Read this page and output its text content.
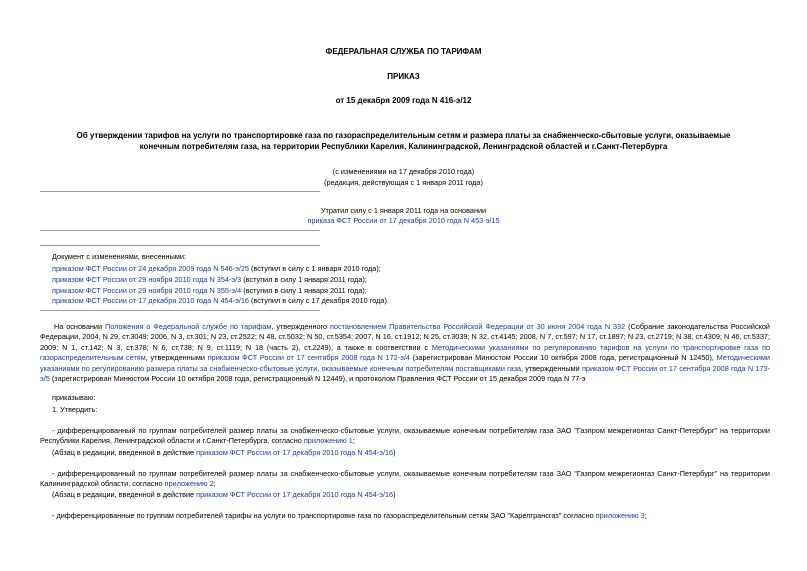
ФЕДЕРАЛЬНАЯ СЛУЖБА ПО ТАРИФАМ
ПРИКАЗ
от 15 декабря 2009 года N 416-э/12
Об утверждении тарифов на услуги по транспортировке газа по газораспределительным сетям и размера платы за снабженческо-сбытовые услуги, оказываемые
конечным потребителям газа, на территории Республики Карелия, Калининградской, Ленинградской областей и г.Санкт-Петербурга
(с изменениями на 17 декабря 2010 года)
(редакция, действующая с 1 января 2011 года)
Утратил силу с 1 января 2011 года на основании
приказа ФСТ России от 17 декабря 2010 года N 453-э/15
Документ с изменениями, внесенными:
приказом ФСТ России от 24 декабря 2009 года N 546-э/25 (вступил в силу с 1 января 2010 года);
приказом ФСТ России от 29 ноября 2010 года N 354-э/3 (вступил в силу 1 января 2011 года);
приказом ФСТ России от 29 ноября 2010 года N 355-э/4 (вступил в силу 1 января 2011 года);
приказом ФСТ России от 17 декабря 2010 года N 454-э/16 (вступил в силу с 17 декабря 2010 года).
На основании Положения о Федеральной службе по тарифам, утвержденного постановлением Правительства Российской Федерации от 30 июня 2004 года N 332 (Собрание законодательства Российской Федерации, 2004, N 29, ст.3049; 2006, N 3, ст.301; N 23, ст.2522; N 48, ст.5032; N 50, ст.5354; 2007, N 16, ст.1912; N 25, ст.3039; N 32, ст.4145; 2008, N 7, ст.597; N 17, ст.1897; N 23, ст.2719; N 38, ст.4309; N 46, ст.5337; 2009; N 1, ст.142; N 3, ст.378; N 6, ст.738; N 9, ст.1119; N 18 (часть 2), ст.2249), а также в соответствии с Методическими указаниями по регулированию тарифов на услуги по транспортировке газа по газораспределительным сетям, утвержденными приказом ФСТ России от 17 сентября 2008 года N 172-э/4 (зарегистрирован Минюстом России 10 октября 2008 года, регистрационный N 12450), Методическими указаниями по регулированию размера платы за снабженческо-сбытовые услуги, оказываемые конечным потребителям поставщиками газа, утвержденными приказом ФСТ России от 17 сентября 2008 года N 173-э/5 (зарегистрирован Минюстом России 10 октября 2008 года, регистрационный N 12449), и протоколом Правления ФСТ России от 15 декабря 2009 года N 77-э
приказываю:
1. Утвердить:
- дифференцированный по группам потребителей размер платы за снабженческо-сбытовые услуги, оказываемые конечным потребителям газа ЗАО "Газпром межрегионгаз Санкт-Петербург" на территории Республики Карелия, Ленинградской области и г.Санкт-Петербурга, согласно приложению 1;
(Абзац в редакции, введенной в действие приказом ФСТ России от 17 декабря 2010 года N 454-э/16)
- дифференцированный по группам потребителей размер платы за снабженческо-сбытовые услуги, оказываемые конечным потребителям газа ЗАО "Газпром межрегионгаз Санкт-Петербург" на территории Калининградской области, согласно приложению 2;
(Абзац в редакции, введенной в действие приказом ФСТ России от 17 декабря 2010 года N 454-э/16)
- дифференцированные по группам потребителей тарифы на услуги по транспортировке газа по газораспределительным сетям ЗАО "Карелгрансгаз" согласно приложению 3;
